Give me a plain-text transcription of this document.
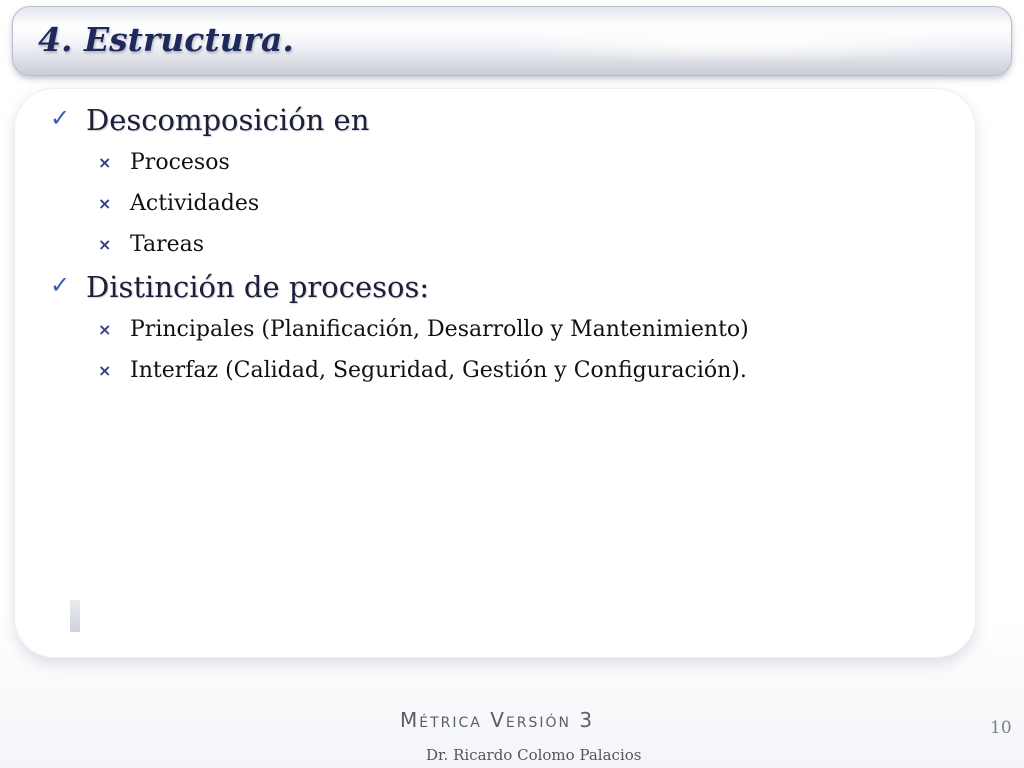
4. Estructura.
✓ Descomposición en
× Procesos
× Actividades
× Tareas
✓ Distinción de procesos:
× Principales (Planificación, Desarrollo y Mantenimiento)
× Interfaz (Calidad, Seguridad, Gestión y Configuración).
Métrica Versión 3
Dr. Ricardo Colomo Palacios
10
